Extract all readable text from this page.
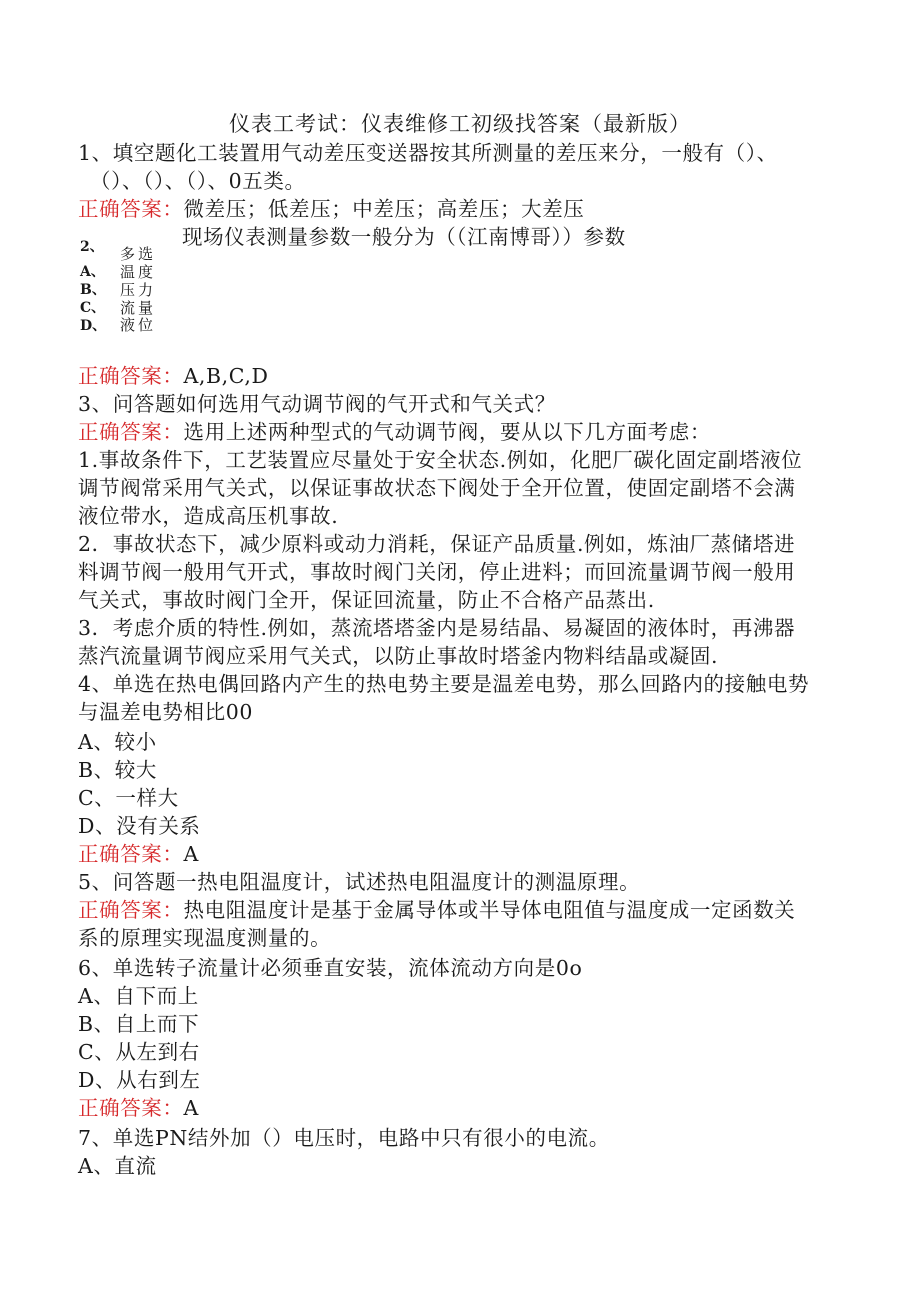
仪表工考试：仪表维修工初级找答案（最新版）
1、填空题化工装置用气动差压变送器按其所测量的差压来分，一般有（）、
（）、（）、（）、0五类。
正确答案：微差压；低差压；中差压；高差压；大差压
现场仪表测量参数一般分为（（江南博哥））参数
2、
A、
B、
C、
D、
多选
温度
压力
流量
液位
正确答案：A,B,C,D
3、问答题如何选用气动调节阀的气开式和气关式？
正确答案：选用上述两种型式的气动调节阀，要从以下几方面考虑：
1.事故条件下，工艺装置应尽量处于安全状态.例如，化肥厂碳化固定副塔液位
调节阀常采用气关式，以保证事故状态下阀处于全开位置，使固定副塔不会满
液位带水，造成高压机事故.
2．事故状态下，减少原料或动力消耗，保证产品质量.例如，炼油厂蒸储塔进
料调节阀一般用气开式，事故时阀门关闭，停止进料；而回流量调节阀一般用
气关式，事故时阀门全开，保证回流量，防止不合格产品蒸出.
3．考虑介质的特性.例如，蒸流塔塔釜内是易结晶、易凝固的液体时，再沸器
蒸汽流量调节阀应采用气关式，以防止事故时塔釜内物料结晶或凝固.
4、单选在热电偶回路内产生的热电势主要是温差电势，那么回路内的接触电势
与温差电势相比00
A、较小
B、较大
C、一样大
D、没有关系
正确答案：A
5、问答题一热电阻温度计，试述热电阻温度计的测温原理。
正确答案：热电阻温度计是基于金属导体或半导体电阻值与温度成一定函数关
系的原理实现温度测量的。
6、单选转子流量计必须垂直安装，流体流动方向是0o
A、自下而上
B、自上而下
C、从左到右
D、从右到左
正确答案：A
7、单选PN结外加（）电压时，电路中只有很小的电流。
A、直流
